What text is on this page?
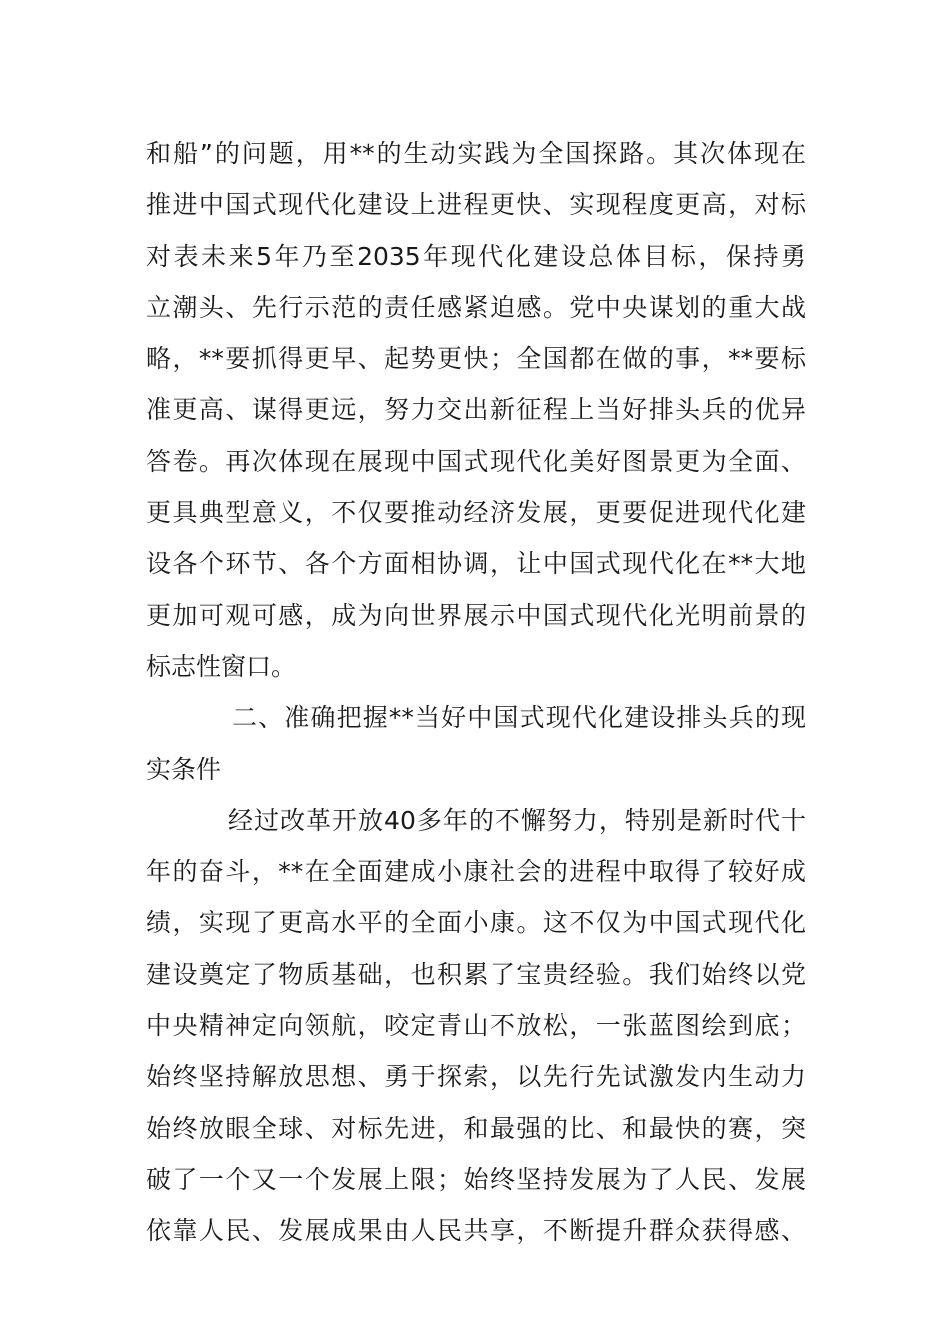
和船”的问题，用**的生动实践为全国探路。其次体现在
推进中国式现代化建设上进程更快、实现程度更高，对标
对表未来5年乃至2035年现代化建设总体目标，保持勇
立潮头、先行示范的责任感紧迫感。党中央谋划的重大战
略，**要抓得更早、起势更快；全国都在做的事，**要标
准更高、谋得更远，努力交出新征程上当好排头兵的优异
答卷。再次体现在展现中国式现代化美好图景更为全面、
更具典型意义，不仅要推动经济发展，更要促进现代化建
设各个环节、各个方面相协调，让中国式现代化在**大地
更加可观可感，成为向世界展示中国式现代化光明前景的
标志性窗口。
二、准确把握**当好中国式现代化建设排头兵的现
实条件
经过改革开放40多年的不懈努力，特别是新时代十
年的奋斗，**在全面建成小康社会的进程中取得了较好成
绩，实现了更高水平的全面小康。这不仅为中国式现代化
建设奠定了物质基础，也积累了宝贵经验。我们始终以党
中央精神定向领航，咬定青山不放松，一张蓝图绘到底；
始终坚持解放思想、勇于探索，以先行先试激发内生动力
始终放眼全球、对标先进，和最强的比、和最快的赛，突
破了一个又一个发展上限；始终坚持发展为了人民、发展
依靠人民、发展成果由人民共享，不断提升群众获得感、
